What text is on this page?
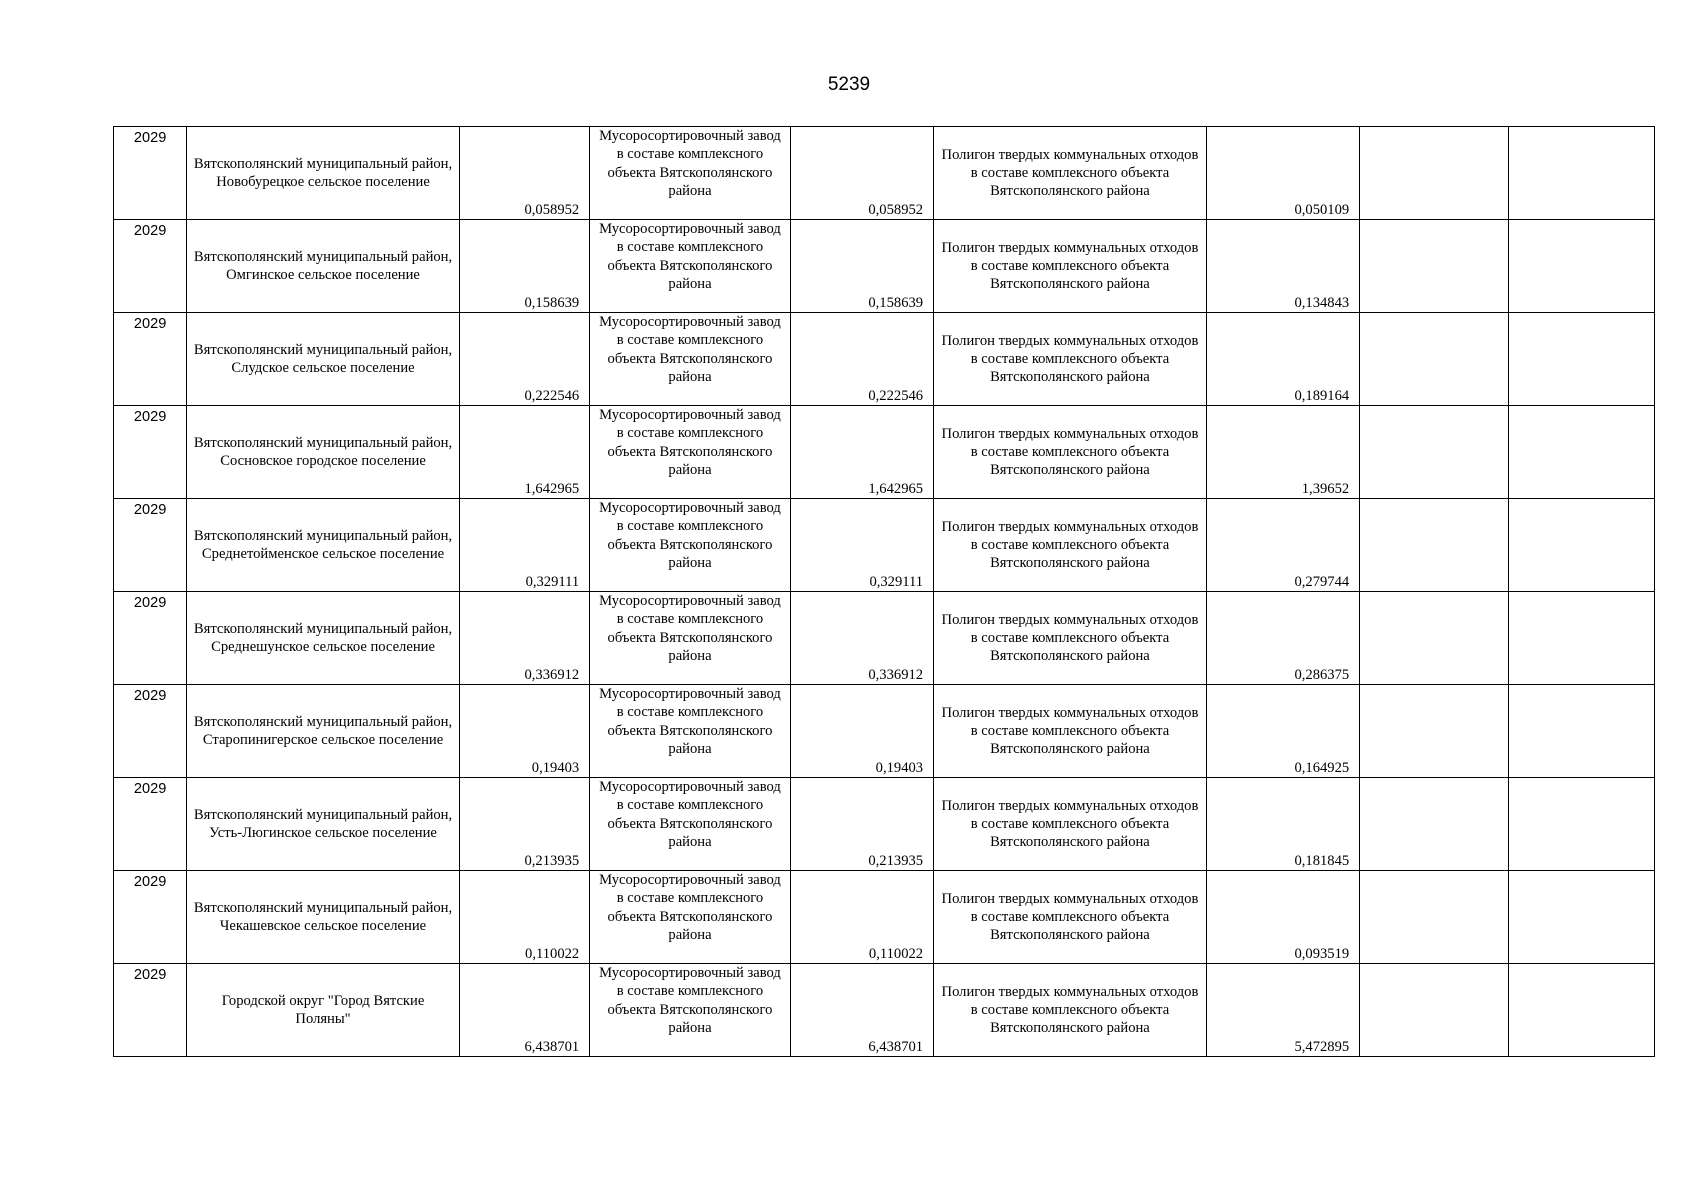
5239
2029	Вятскополянский муниципальный район, Новобурецкое сельское поселение	0,058952	Мусоросортировочный завод в составе комплексного объекта Вятскополянского района	0,058952	Полигон твердых коммунальных отходов в составе комплексного объекта Вятскополянского района	0,050109		

2029	Вятскополянский муниципальный район, Омгинское сельское поселение	0,158639	Мусоросортировочный завод в составе комплексного объекта Вятскополянского района	0,158639	Полигон твердых коммунальных отходов в составе комплексного объекта Вятскополянского района	0,134843		

2029	Вятскополянский муниципальный район, Слудское сельское поселение	0,222546	Мусоросортировочный завод в составе комплексного объекта Вятскополянского района	0,222546	Полигон твердых коммунальных отходов в составе комплексного объекта Вятскополянского района	0,189164		

2029	Вятскополянский муниципальный район, Сосновское городское поселение	1,642965	Мусоросортировочный завод в составе комплексного объекта Вятскополянского района	1,642965	Полигон твердых коммунальных отходов в составе комплексного объекта Вятскополянского района	1,39652		

2029	Вятскополянский муниципальный район, Среднетойменское сельское поселение	0,329111	Мусоросортировочный завод в составе комплексного объекта Вятскополянского района	0,329111	Полигон твердых коммунальных отходов в составе комплексного объекта Вятскополянского района	0,279744		

2029	Вятскополянский муниципальный район, Среднешунское сельское поселение	0,336912	Мусоросортировочный завод в составе комплексного объекта Вятскополянского района	0,336912	Полигон твердых коммунальных отходов в составе комплексного объекта Вятскополянского района	0,286375		

2029	Вятскополянский муниципальный район, Старопинигерское сельское поселение	0,19403	Мусоросортировочный завод в составе комплексного объекта Вятскополянского района	0,19403	Полигон твердых коммунальных отходов в составе комплексного объекта Вятскополянского района	0,164925		

2029	Вятскополянский муниципальный район, Усть-Люгинское сельское поселение	0,213935	Мусоросортировочный завод в составе комплексного объекта Вятскополянского района	0,213935	Полигон твердых коммунальных отходов в составе комплексного объекта Вятскополянского района	0,181845		

2029	Вятскополянский муниципальный район, Чекашевское сельское поселение	0,110022	Мусоросортировочный завод в составе комплексного объекта Вятскополянского района	0,110022	Полигон твердых коммунальных отходов в составе комплексного объекта Вятскополянского района	0,093519		

2029	Городской округ "Город Вятские Поляны"	6,438701	Мусоросортировочный завод в составе комплексного объекта Вятскополянского района	6,438701	Полигон твердых коммунальных отходов в составе комплексного объекта Вятскополянского района	5,472895		
